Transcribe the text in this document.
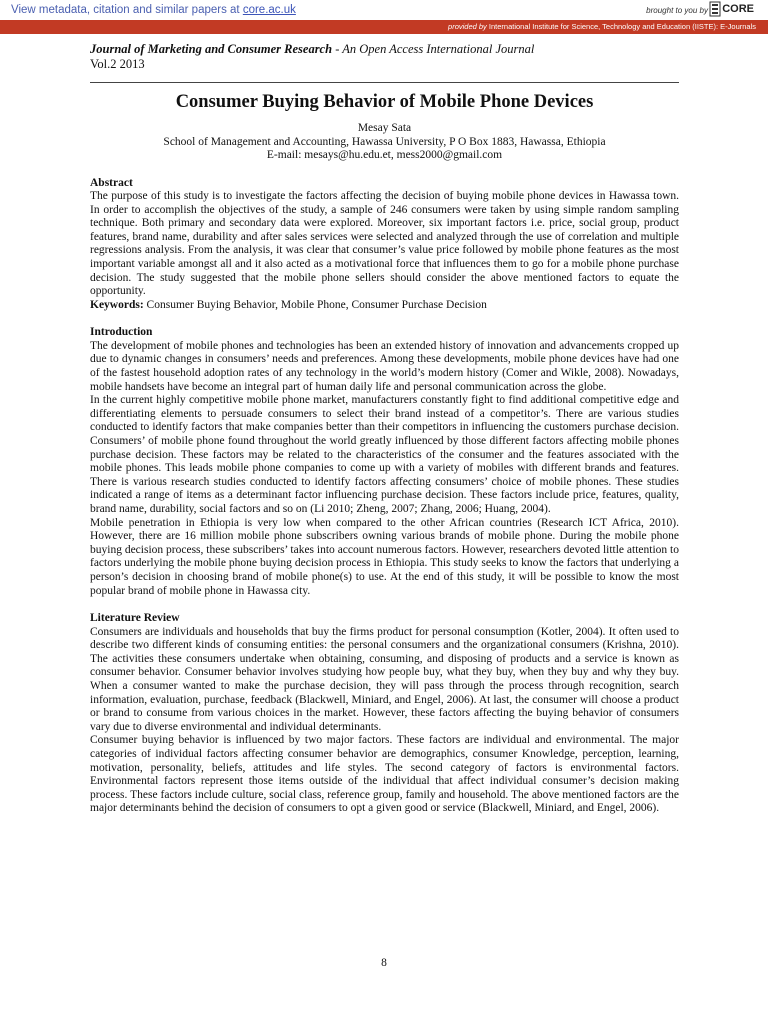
View metadata, citation and similar papers at core.ac.uk	brought to you by CORE
provided by International Institute for Science, Technology and Education (IISTE): E-Journals
Journal of Marketing and Consumer Research - An Open Access International Journal
Vol.2 2013
Consumer Buying Behavior of Mobile Phone Devices
Mesay Sata
School of Management and Accounting, Hawassa University, P O Box 1883, Hawassa, Ethiopia
E-mail: mesays@hu.edu.et, mess2000@gmail.com
Abstract

The purpose of this study is to investigate the factors affecting the decision of buying mobile phone devices in Hawassa town. In order to accomplish the objectives of the study, a sample of 246 consumers were taken by using simple random sampling technique. Both primary and secondary data were explored. Moreover, six important factors i.e. price, social group, product features, brand name, durability and after sales services were selected and analyzed through the use of correlation and multiple regressions analysis. From the analysis, it was clear that consumer’s value price followed by mobile phone features as the most important variable amongst all and it also acted as a motivational force that influences them to go for a mobile phone purchase decision. The study suggested that the mobile phone sellers should consider the above mentioned factors to equate the opportunity.

Keywords: Consumer Buying Behavior, Mobile Phone, Consumer Purchase Decision

Introduction

The development of mobile phones and technologies has been an extended history of innovation and advancements cropped up due to dynamic changes in consumers’ needs and preferences. Among these developments, mobile phone devices have had one of the fastest household adoption rates of any technology in the world’s modern history (Comer and Wikle, 2008). Nowadays, mobile handsets have become an integral part of human daily life and personal communication across the globe.

In the current highly competitive mobile phone market, manufacturers constantly fight to find additional competitive edge and differentiating elements to persuade consumers to select their brand instead of a competitor’s. There are various studies conducted to identify factors that make companies better than their competitors in influencing the customers purchase decision. Consumers’ of mobile phone found throughout the world greatly influenced by those different factors affecting mobile phones purchase decision. These factors may be related to the characteristics of the consumer and the features associated with the mobile phones. This leads mobile phone companies to come up with a variety of mobiles with different brands and features. There is various research studies conducted to identify factors affecting consumers’ choice of mobile phones. These studies indicated a range of items as a determinant factor influencing purchase decision. These factors include price, features, quality, brand name, durability, social factors and so on (Li 2010; Zheng, 2007; Zhang, 2006; Huang, 2004).

Mobile penetration in Ethiopia is very low when compared to the other African countries (Research ICT Africa, 2010). However, there are 16 million mobile phone subscribers owning various brands of mobile phone. During the mobile phone buying decision process, these subscribers’ takes into account numerous factors. However, researchers devoted little attention to factors underlying the mobile phone buying decision process in Ethiopia. This study seeks to know the factors that underlying a person’s decision in choosing brand of mobile phone(s) to use. At the end of this study, it will be possible to know the most popular brand of mobile phone in Hawassa city.

Literature Review

Consumers are individuals and households that buy the firms product for personal consumption (Kotler, 2004). It often used to describe two different kinds of consuming entities: the personal consumers and the organizational consumers (Krishna, 2010). The activities these consumers undertake when obtaining, consuming, and disposing of products and a service is known as consumer behavior. Consumer behavior involves studying how people buy, what they buy, when they buy and why they buy. When a consumer wanted to make the purchase decision, they will pass through the process through recognition, search information, evaluation, purchase, feedback (Blackwell, Miniard, and Engel, 2006). At last, the consumer will choose a product or brand to consume from various choices in the market. However, these factors affecting the buying behavior of consumers vary due to diverse environmental and individual determinants.

Consumer buying behavior is influenced by two major factors. These factors are individual and environmental. The major categories of individual factors affecting consumer behavior are demographics, consumer Knowledge, perception, learning, motivation, personality, beliefs, attitudes and life styles. The second category of factors is environmental factors. Environmental factors represent those items outside of the individual that affect individual consumer’s decision making process. These factors include culture, social class, reference group, family and household. The above mentioned factors are the major determinants behind the decision of consumers to opt a given good or service (Blackwell, Miniard, and Engel, 2006).

8
